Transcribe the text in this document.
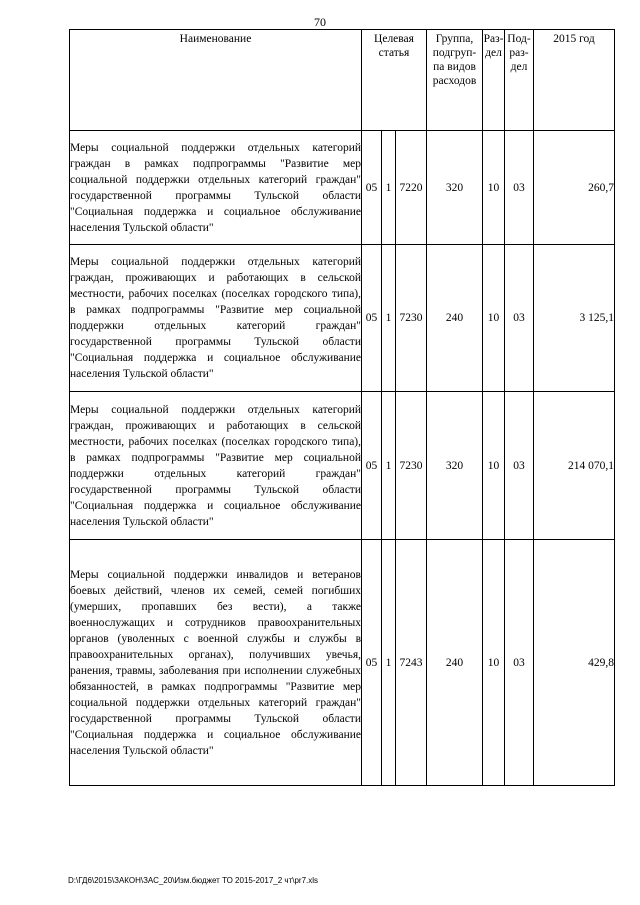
70
Наименование	Целевая статья			Группа, подгруп-па видов расходов	Раз-дел	Под-раз-дел	2015 год
Меры социальной поддержки отдельных категорий граждан в рамках подпрограммы "Развитие мер социальной поддержки отдельных категорий граждан" государственной программы Тульской области "Социальная поддержка и социальное обслуживание населения Тульской области"	05	1	7220	320	10	03	260,7
Меры социальной поддержки отдельных категорий граждан, проживающих и работающих в сельской местности, рабочих поселках (поселках городского типа), в рамках подпрограммы "Развитие мер социальной поддержки отдельных категорий граждан" государственной программы Тульской области "Социальная поддержка и социальное обслуживание населения Тульской области"	05	1	7230	240	10	03	3 125,1
Меры социальной поддержки отдельных категорий граждан, проживающих и работающих в сельской местности, рабочих поселках (поселках городского типа), в рамках подпрограммы "Развитие мер социальной поддержки отдельных категорий граждан" государственной программы Тульской области "Социальная поддержка и социальное обслуживание населения Тульской области"	05	1	7230	320	10	03	214 070,1
Меры социальной поддержки инвалидов и ветеранов боевых действий, членов их семей, семей погибших (умерших, пропавших без вести), а также военнослужащих и сотрудников правоохранительных органов (уволенных с военной службы и службы в правоохранительных органах), получивших увечья, ранения, травмы, заболевания при исполнении служебных обязанностей, в рамках подпрограммы "Развитие мер социальной поддержки отдельных категорий граждан" государственной программы Тульской области "Социальная поддержка и социальное обслуживание населения Тульской области"	05	1	7243	240	10	03	429,8
D:\ГД6\2015\ЗАКОН\ЗАС_20\Изм.бюджет ТО 2015-2017_2 чт\pr7.xls
